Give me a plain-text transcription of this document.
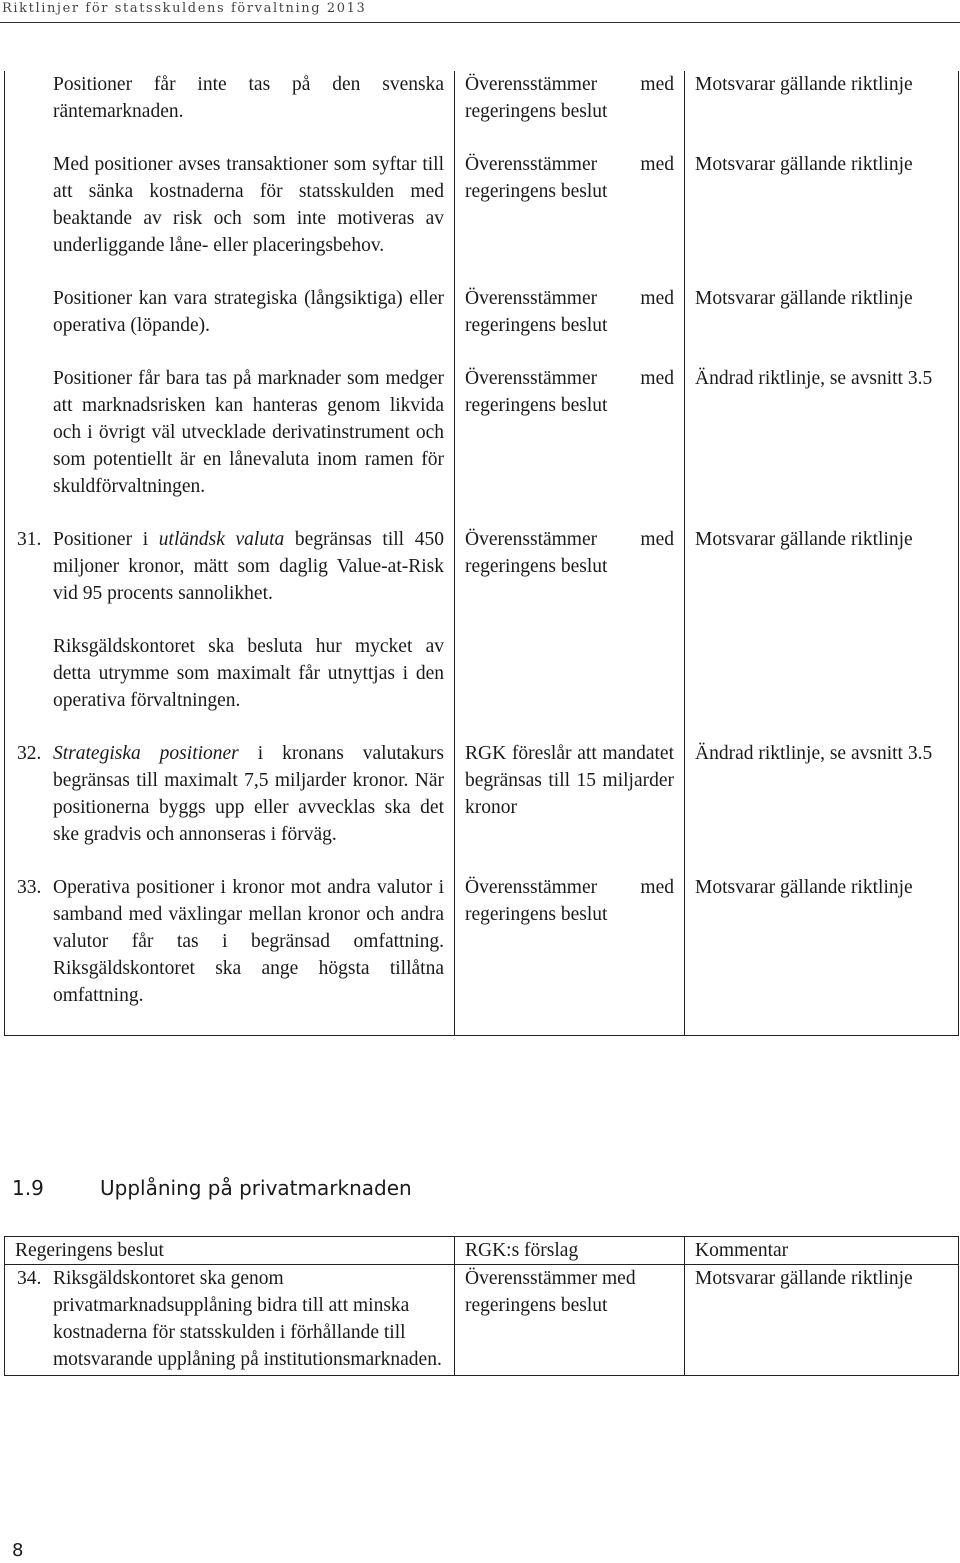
Riktlinjer för statsskuldens förvaltning 2013
Positioner får inte tas på den svenska räntemarknaden.	Överensstämmer med regeringens beslut	Motsvarar gällande riktlinje
Med positioner avses transaktioner som syftar till att sänka kostnaderna för statsskulden med beaktande av risk och som inte motiveras av underliggande låne- eller placeringsbehov.	Överensstämmer med regeringens beslut	Motsvarar gällande riktlinje
Positioner kan vara strategiska (långsiktiga) eller operativa (löpande).	Överensstämmer med regeringens beslut	Motsvarar gällande riktlinje
Positioner får bara tas på marknader som medger att marknadsrisken kan hanteras genom likvida och i övrigt väl utvecklade derivatinstrument och som potentiellt är en lånevaluta inom ramen för skuldförvaltningen.	Överensstämmer med regeringens beslut	Ändrad riktlinje, se avsnitt 3.5

31. Positioner i utländsk valuta begränsas till 450 miljoner kronor, mätt som daglig Value-at-Risk vid 95 procents sannolikhet.	Överensstämmer med regeringens beslut	Motsvarar gällande riktlinje
Riksgäldskontoret ska besluta hur mycket av detta utrymme som maximalt får utnyttjas i den operativa förvaltningen.		

32. Strategiska positioner i kronans valutakurs begränsas till maximalt 7,5 miljarder kronor. När positionerna byggs upp eller avvecklas ska det ske gradvis och annonseras i förväg.	RGK föreslår att mandatet begränsas till 15 miljarder kronor	Ändrad riktlinje, se avsnitt 3.5

33. Operativa positioner i kronor mot andra valutor i samband med växlingar mellan kronor och andra valutor får tas i begränsad omfattning. Riksgäldskontoret ska ange högsta tillåtna omfattning.	Överensstämmer med regeringens beslut	Motsvarar gällande riktlinje
1.9	Upplåning på privatmarknaden
Regeringens beslut	RGK:s förslag	Kommentar

34. Riksgäldskontoret ska genom privatmarknadsupplåning bidra till att minska kostnaderna för statsskulden i förhållande till motsvarande upplåning på institutionsmarknaden.	Överensstämmer med regeringens beslut	Motsvarar gällande riktlinje
8
